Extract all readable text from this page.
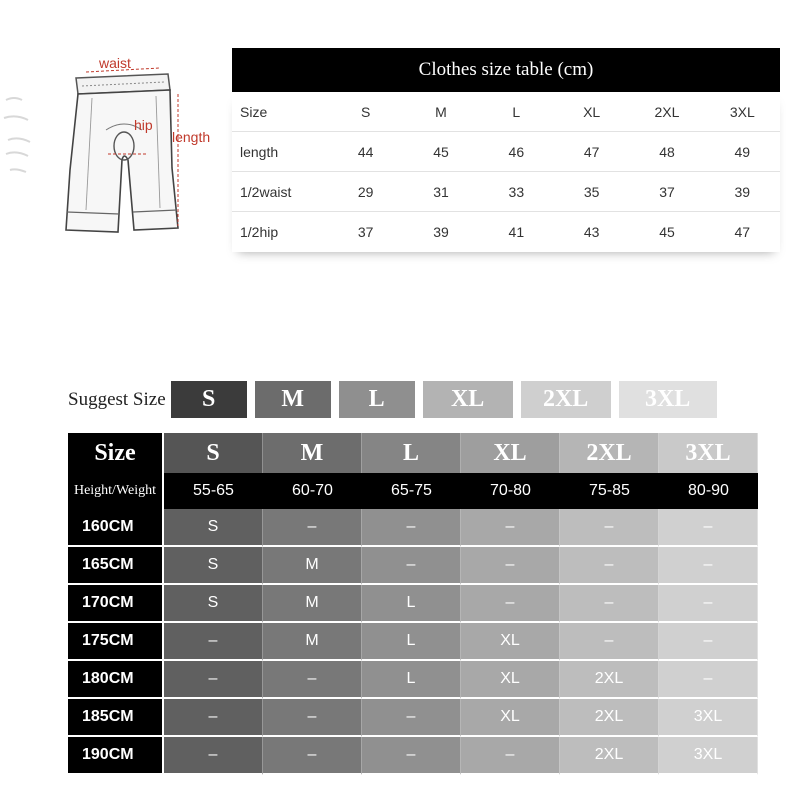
waist
hip
length
Clothes size table (cm)
Size	S	M	L	XL	2XL	3XL
length	44	45	46	47	48	49
1/2waist	29	31	33	35	37	39
1/2hip	37	39	41	43	45	47
Suggest Size	S	M	L	XL	2XL	3XL
Size	S	M	L	XL	2XL	3XL
Height/Weight	55-65	60-70	65-75	70-80	75-85	80-90
160CM	S	–	–	–	–	–
165CM	S	M	–	–	–	–
170CM	S	M	L	–	–	–
175CM	–	M	L	XL	–	–
180CM	–	–	L	XL	2XL	–
185CM	–	–	–	XL	2XL	3XL
190CM	–	–	–	–	2XL	3XL
